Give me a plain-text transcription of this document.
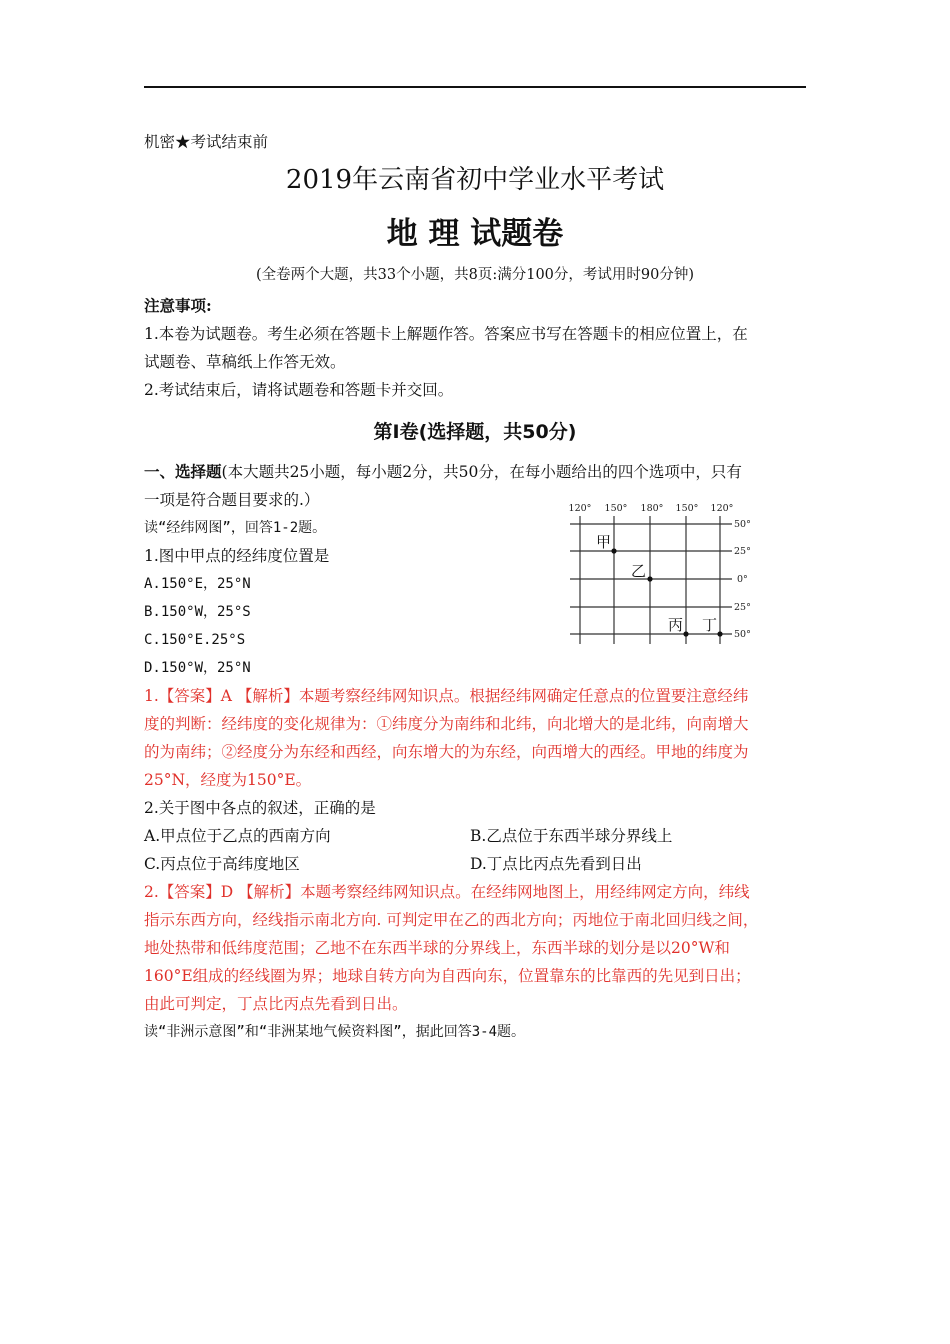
机密★考试结束前
2019年云南省初中学业水平考试
地 理 试题卷
(全卷两个大题，共33个小题，共8页:满分100分，考试用时90分钟)
注意事项:
1.本卷为试题卷。考生必须在答题卡上解题作答。答案应书写在答题卡的相应位置上，在
试题卷、草稿纸上作答无效。
2.考试结束后，请将试题卷和答题卡并交回。
第Ⅰ卷(选择题，共50分)
一、选择题(本大题共25小题，每小题2分，共50分，在每小题给出的四个选项中，只有
一项是符合题目要求的.）
读“经纬网图”，回答1-2题。
1.图中甲点的经纬度位置是
A.150°E，25°N
B.150°W，25°S
C.150°E.25°S
D.150°W，25°N
1.【答案】A 【解析】本题考察经纬网知识点。根据经纬网确定任意点的位置要注意经纬
度的判断：经纬度的变化规律为：①纬度分为南纬和北纬，向北增大的是北纬，向南增大
的为南纬；②经度分为东经和西经，向东增大的为东经，向西增大的西经。甲地的纬度为
25°N，经度为150°E。
2.关于图中各点的叙述，正确的是
A.甲点位于乙点的西南方向	B.乙点位于东西半球分界线上
C.丙点位于高纬度地区	D.丁点比丙点先看到日出
2.【答案】D 【解析】本题考察经纬网知识点。在经纬网地图上，用经纬网定方向，纬线
指示东西方向，经线指示南北方向. 可判定甲在乙的西北方向；丙地位于南北回归线之间，
地处热带和低纬度范围；乙地不在东西半球的分界线上，东西半球的划分是以20°W和
160°E组成的经线圈为界；地球自转方向为自西向东，位置靠东的比靠西的先见到日出；
由此可判定，丁点比丙点先看到日出。
读“非洲示意图”和“非洲某地气候资料图”，据此回答3-4题。
120° 150° 180° 150° 120°
50°
25°
0°
25°
50°
甲
乙
丙 丁
